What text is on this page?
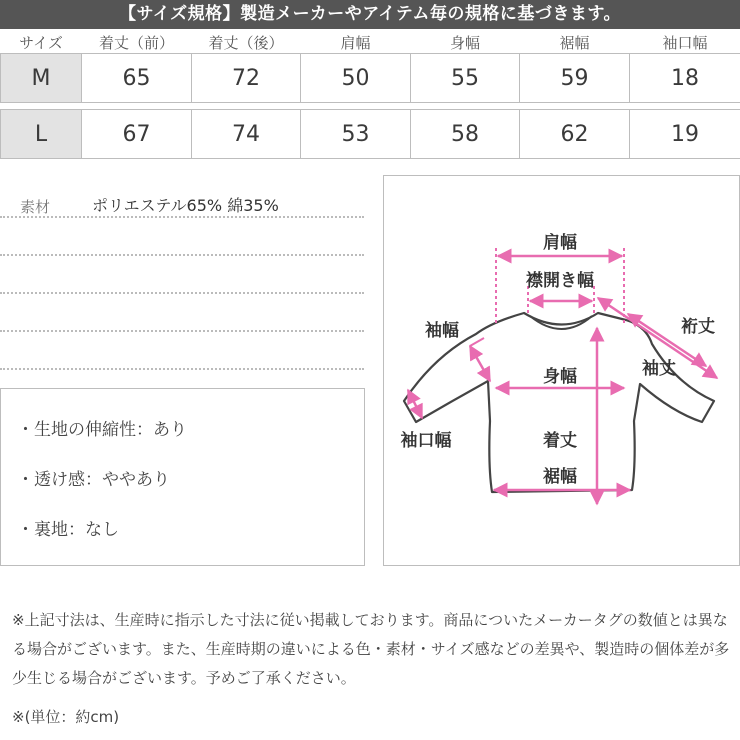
【サイズ規格】製造メーカーやアイテム毎の規格に基づきます。
サイズ	着丈（前）	着丈（後）	肩幅	身幅	裾幅	袖口幅
M	65	72	50	55	59	18

L	67	74	53	58	62	19
素材	ポリエステル65% 綿35%
・生地の伸縮性：あり
・透け感：ややあり
・裏地：なし
肩幅
襟開き幅
袖幅	裄丈
袖丈
身幅
袖口幅	着丈
裾幅
※上記寸法は、生産時に指示した寸法に従い掲載しております。商品についたメーカータグの数値とは異なる場合がございます。また、生産時期の違いによる色・素材・サイズ感などの差異や、製造時の個体差が多少生じる場合がございます。予めご了承ください。
※(単位：約cm)
